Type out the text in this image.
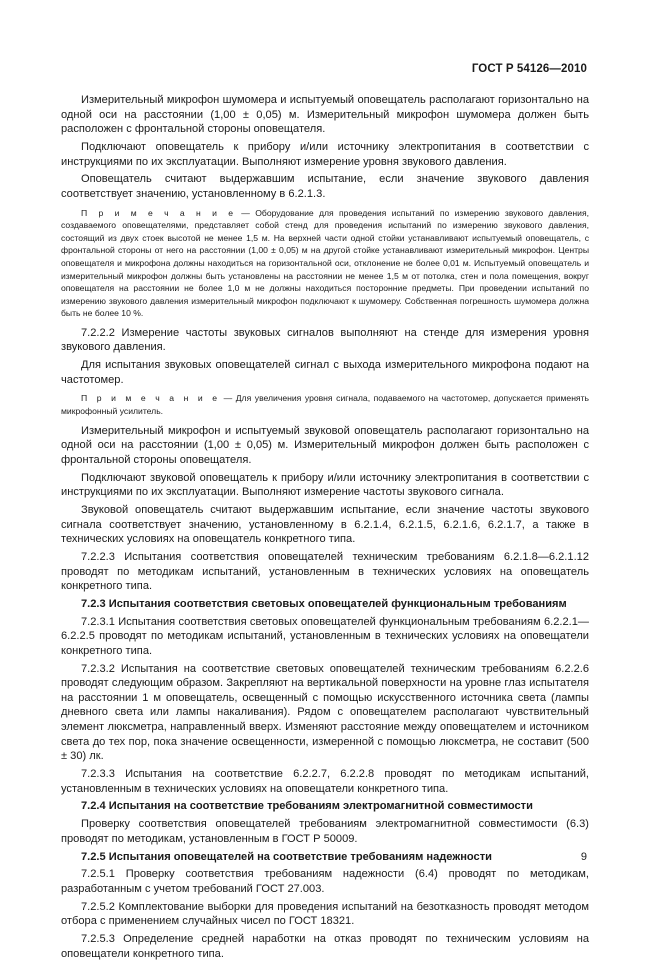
ГОСТ Р 54126—2010

Измерительный микрофон шумомера и испытуемый оповещатель располагают горизонтально на одной оси на расстоянии (1,00 ± 0,05) м. Измерительный микрофон шумомера должен быть расположен с фронтальной стороны оповещателя.

Подключают оповещатель к прибору и/или источнику электропитания в соответствии с инструкциями по их эксплуатации. Выполняют измерение уровня звукового давления.

Оповещатель считают выдержавшим испытание, если значение звукового давления соответствует значению, установленному в 6.2.1.3.

П р и м е ч а н и е — Оборудование для проведения испытаний по измерению звукового давления, создаваемого оповещателями, представляет собой стенд для проведения испытаний по измерению звукового давления, состоящий из двух стоек высотой не менее 1,5 м. На верхней части одной стойки устанавливают испытуемый оповещатель, с фронтальной стороны от него на расстоянии (1,00 ± 0,05) м на другой стойке устанавливают измерительный микрофон. Центры оповещателя и микрофона должны находиться на горизонтальной оси, отклонение не более 0,01 м. Испытуемый оповещатель и измерительный микрофон должны быть установлены на расстоянии не менее 1,5 м от потолка, стен и пола помещения, вокруг оповещателя на расстоянии не более 1,0 м не должны находиться посторонние предметы. При проведении испытаний по измерению звукового давления измерительный микрофон подключают к шумомеру. Собственная погрешность шумомера должна быть не более 10 %.

7.2.2.2 Измерение частоты звуковых сигналов выполняют на стенде для измерения уровня звукового давления.

Для испытания звуковых оповещателей сигнал с выхода измерительного микрофона подают на частотомер.

П р и м е ч а н и е — Для увеличения уровня сигнала, подаваемого на частотомер, допускается применять микрофонный усилитель.

Измерительный микрофон и испытуемый звуковой оповещатель располагают горизонтально на одной оси на расстоянии (1,00 ± 0,05) м. Измерительный микрофон должен быть расположен с фронтальной стороны оповещателя.

Подключают звуковой оповещатель к прибору и/или источнику электропитания в соответствии с инструкциями по их эксплуатации. Выполняют измерение частоты звукового сигнала.

Звуковой оповещатель считают выдержавшим испытание, если значение частоты звукового сигнала соответствует значению, установленному в 6.2.1.4, 6.2.1.5, 6.2.1.6, 6.2.1.7, а также в технических условиях на оповещатель конкретного типа.

7.2.2.3 Испытания соответствия оповещателей техническим требованиям 6.2.1.8—6.2.1.12 проводят по методикам испытаний, установленным в технических условиях на оповещатель конкретного типа.

7.2.3 Испытания соответствия световых оповещателей функциональным требованиям

7.2.3.1 Испытания соответствия световых оповещателей функциональным требованиям 6.2.2.1—6.2.2.5 проводят по методикам испытаний, установленным в технических условиях на оповещатели конкретного типа.

7.2.3.2 Испытания на соответствие световых оповещателей техническим требованиям 6.2.2.6 проводят следующим образом. Закрепляют на вертикальной поверхности на уровне глаз испытателя на расстоянии 1 м оповещатель, освещенный с помощью искусственного источника света (лампы дневного света или лампы накаливания). Рядом с оповещателем располагают чувствительный элемент люксметра, направленный вверх. Изменяют расстояние между оповещателем и источником света до тех пор, пока значение освещенности, измеренной с помощью люксметра, не составит (500 ± 30) лк.

7.2.3.3 Испытания на соответствие 6.2.2.7, 6.2.2.8 проводят по методикам испытаний, установленным в технических условиях на оповещатели конкретного типа.

7.2.4 Испытания на соответствие требованиям электромагнитной совместимости

Проверку соответствия оповещателей требованиям электромагнитной совместимости (6.3) проводят по методикам, установленным в ГОСТ Р 50009.

7.2.5 Испытания оповещателей на соответствие требованиям надежности

7.2.5.1 Проверку соответствия требованиям надежности (6.4) проводят по методикам, разработанным с учетом требований ГОСТ 27.003.

7.2.5.2 Комплектование выборки для проведения испытаний на безотказность проводят методом отбора с применением случайных чисел по ГОСТ 18321.

7.2.5.3 Определение средней наработки на отказ проводят по техническим условиям на оповещатели конкретного типа.

9
